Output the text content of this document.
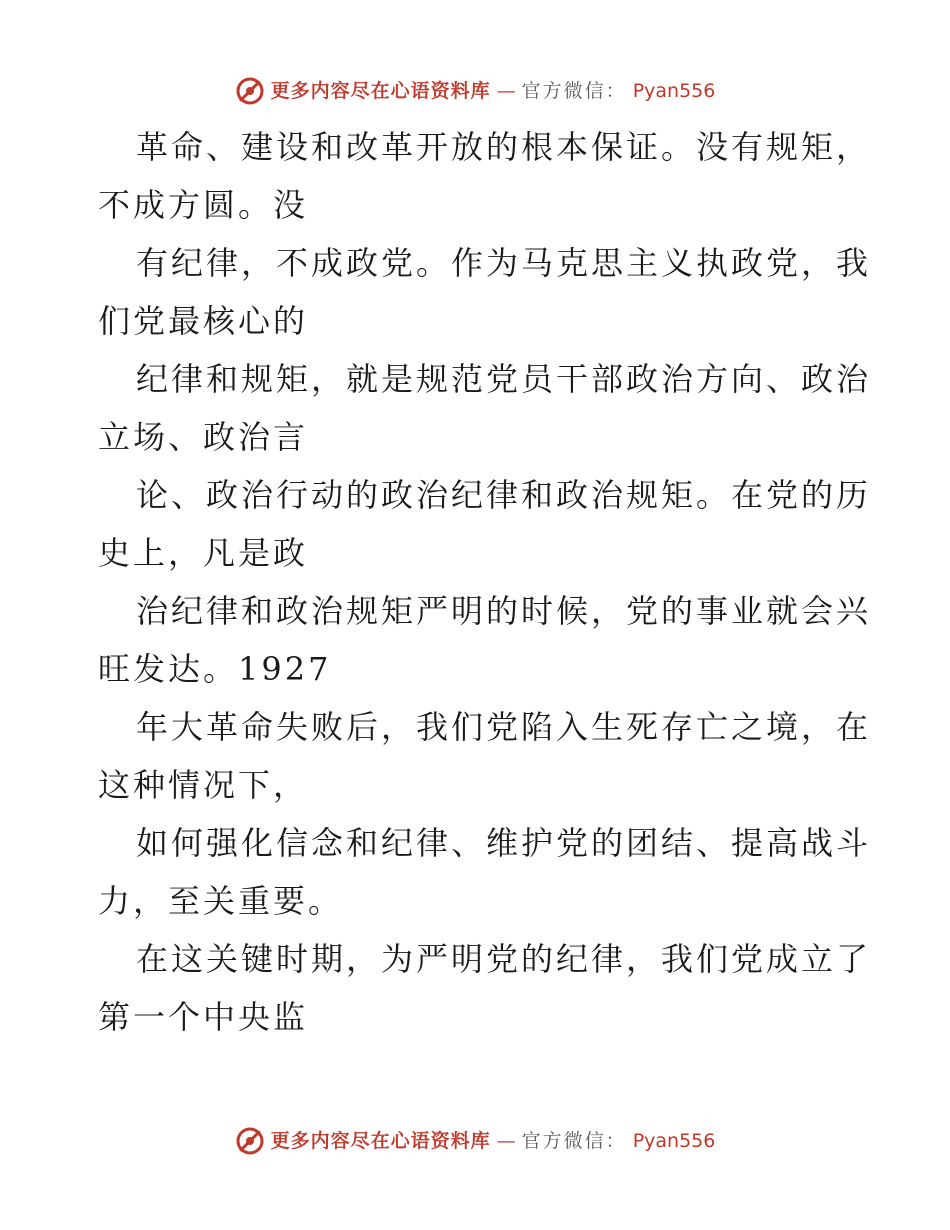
更多内容尽在心语资料库 — 官方微信： Pyan556
革命、建设和改革开放的根本保证。没有规矩，
不成方圆。没
有纪律，不成政党。作为马克思主义执政党，我
们党最核心的
纪律和规矩，就是规范党员干部政治方向、政治
立场、政治言
论、政治行动的政治纪律和政治规矩。在党的历
史上，凡是政
治纪律和政治规矩严明的时候，党的事业就会兴
旺发达。1927
年大革命失败后，我们党陷入生死存亡之境，在
这种情况下，
如何强化信念和纪律、维护党的团结、提高战斗
力，至关重要。
在这关键时期，为严明党的纪律，我们党成立了
第一个中央监
更多内容尽在心语资料库 — 官方微信： Pyan556
